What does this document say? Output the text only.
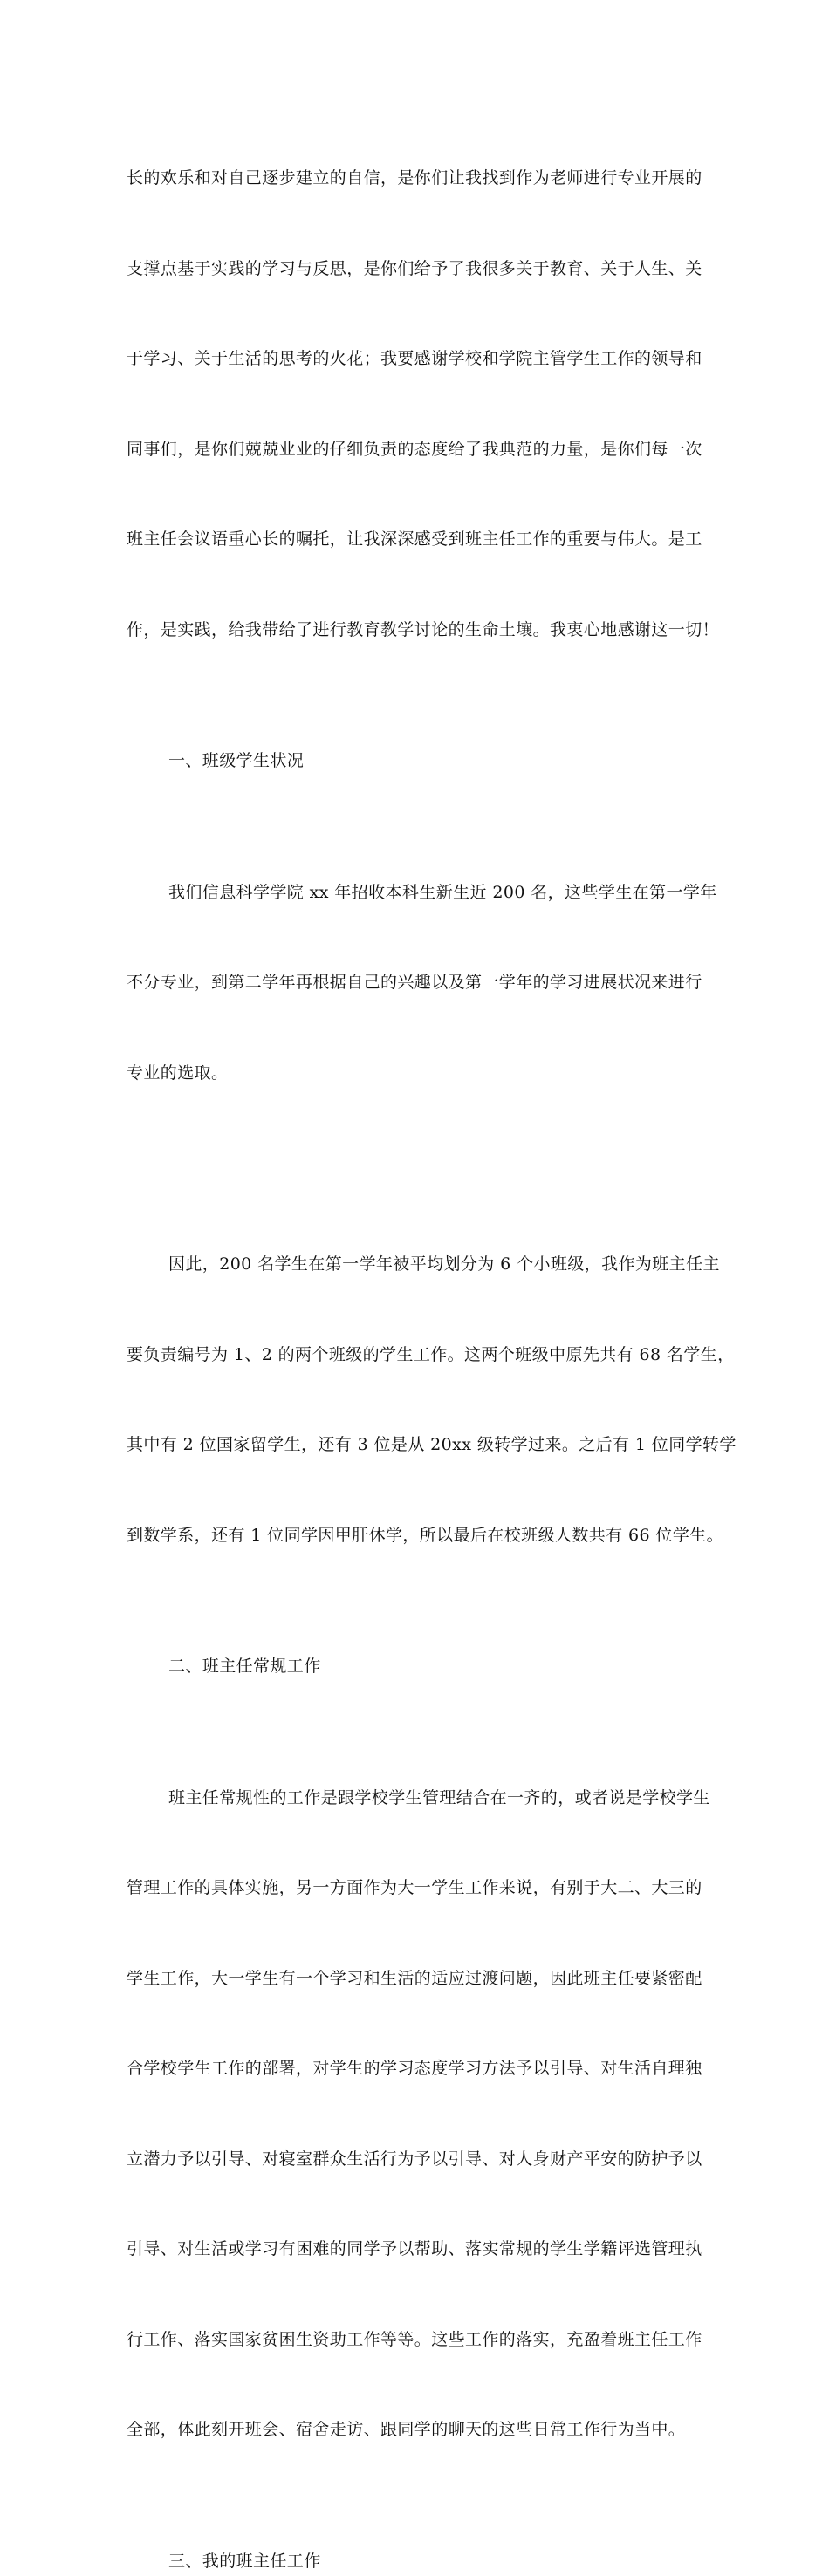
长的欢乐和对自己逐步建立的自信，是你们让我找到作为老师进行专业开展的

支撑点基于实践的学习与反思，是你们给予了我很多关于教育、关于人生、关

于学习、关于生活的思考的火花；我要感谢学校和学院主管学生工作的领导和

同事们，是你们兢兢业业的仔细负责的态度给了我典范的力量，是你们每一次

班主任会议语重心长的嘱托，让我深深感受到班主任工作的重要与伟大。是工

作，是实践，给我带给了进行教育教学讨论的生命土壤。我衷心地感谢这一切！

一、班级学生状况

我们信息科学学院 xx 年招收本科生新生近 200 名，这些学生在第一学年

不分专业，到第二学年再根据自己的兴趣以及第一学年的学习进展状况来进行

专业的选取。

因此，200 名学生在第一学年被平均划分为 6 个小班级，我作为班主任主

要负责编号为 1、2 的两个班级的学生工作。这两个班级中原先共有 68 名学生，

其中有 2 位国家留学生，还有 3 位是从 20xx 级转学过来。之后有 1 位同学转学

到数学系，还有 1 位同学因甲肝休学，所以最后在校班级人数共有 66 位学生。

二、班主任常规工作

班主任常规性的工作是跟学校学生管理结合在一齐的，或者说是学校学生

管理工作的具体实施，另一方面作为大一学生工作来说，有别于大二、大三的

学生工作，大一学生有一个学习和生活的适应过渡问题，因此班主任要紧密配

合学校学生工作的部署，对学生的学习态度学习方法予以引导、对生活自理独

立潜力予以引导、对寝室群众生活行为予以引导、对人身财产平安的防护予以

引导、对生活或学习有困难的同学予以帮助、落实常规的学生学籍评选管理执

行工作、落实国家贫困生资助工作等等。这些工作的落实，充盈着班主任工作

全部，体此刻开班会、宿舍走访、跟同学的聊天的这些日常工作行为当中。

三、我的班主任工作
